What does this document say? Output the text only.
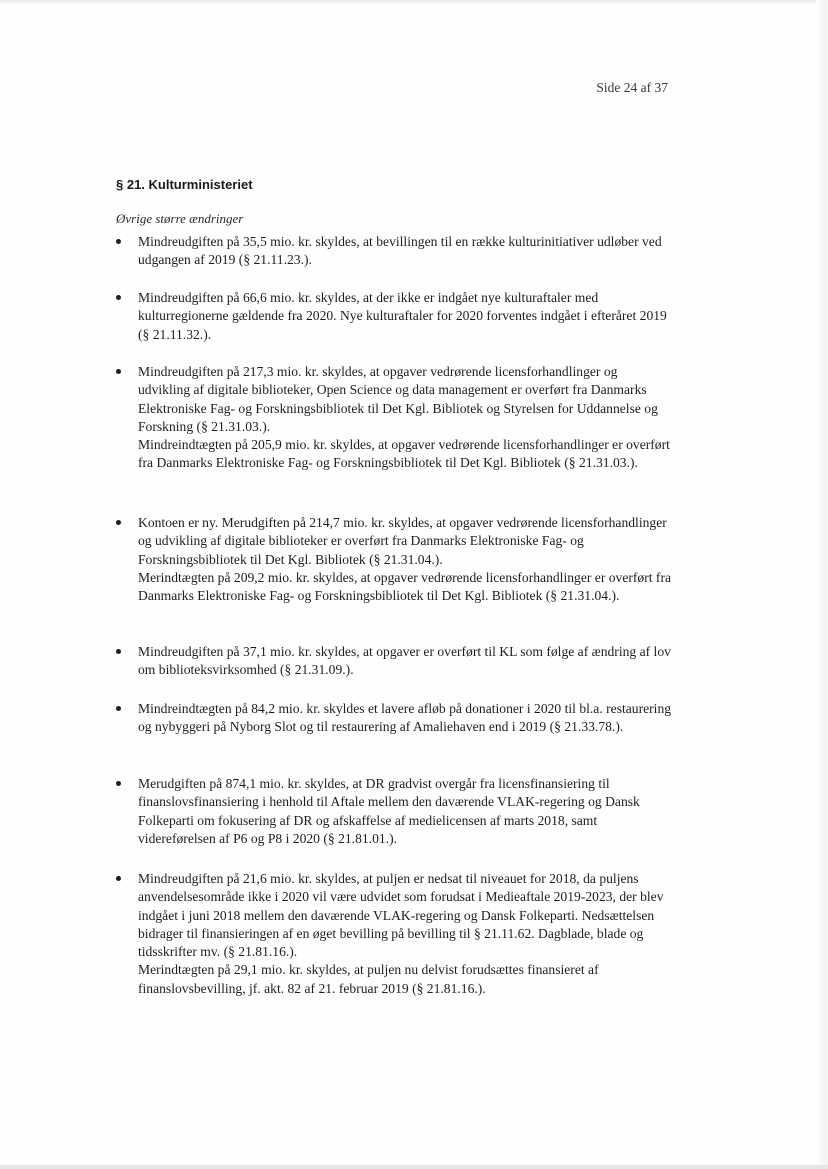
Side 24 af 37
§ 21. Kulturministeriet
Øvrige større ændringer

Mindreudgiften på 35,5 mio. kr. skyldes, at bevillingen til en række kulturinitiativer udløber ved udgangen af 2019 (§ 21.11.23.).

Mindreudgiften på 66,6 mio. kr. skyldes, at der ikke er indgået nye kulturaftaler med kulturregionerne gældende fra 2020. Nye kulturaftaler for 2020 forventes indgået i efteråret 2019 (§ 21.11.32.).

Mindreudgiften på 217,3 mio. kr. skyldes, at opgaver vedrørende licensforhandlinger og udvikling af digitale biblioteker, Open Science og data management er overført fra Danmarks Elektroniske Fag- og Forskningsbibliotek til Det Kgl. Bibliotek og Styrelsen for Uddannelse og Forskning (§ 21.31.03.).

Mindreindtægten på 205,9 mio. kr. skyldes, at opgaver vedrørende licensforhandlinger er overført fra Danmarks Elektroniske Fag- og Forskningsbibliotek til Det Kgl. Bibliotek (§ 21.31.03.).

Kontoen er ny. Merudgiften på 214,7 mio. kr. skyldes, at opgaver vedrørende licensforhandlinger og udvikling af digitale biblioteker er overført fra Danmarks Elektroniske Fag- og Forskningsbibliotek til Det Kgl. Bibliotek (§ 21.31.04.).

Merindtægten på 209,2 mio. kr. skyldes, at opgaver vedrørende licensforhandlinger er overført fra Danmarks Elektroniske Fag- og Forskningsbibliotek til Det Kgl. Bibliotek (§ 21.31.04.).

Mindreudgiften på 37,1 mio. kr. skyldes, at opgaver er overført til KL som følge af ændring af lov om biblioteksvirksomhed (§ 21.31.09.).

Mindreindtægten på 84,2 mio. kr. skyldes et lavere afløb på donationer i 2020 til bl.a. restaurering og nybyggeri på Nyborg Slot og til restaurering af Amaliehaven end i 2019 (§ 21.33.78.).

Merudgiften på 874,1 mio. kr. skyldes, at DR gradvist overgår fra licensfinansiering til finanslovsfinansiering i henhold til Aftale mellem den daværende VLAK-regering og Dansk Folkeparti om fokusering af DR og afskaffelse af medielicensen af marts 2018, samt videreførelsen af P6 og P8 i 2020 (§ 21.81.01.).

Mindreudgiften på 21,6 mio. kr. skyldes, at puljen er nedsat til niveauet for 2018, da puljens anvendelsesområde ikke i 2020 vil være udvidet som forudsat i Medieaftale 2019-2023, der blev indgået i juni 2018 mellem den daværende VLAK-regering og Dansk Folkeparti. Nedsættelsen bidrager til finansieringen af en øget bevilling på bevilling til § 21.11.62. Dagblade, blade og tidsskrifter mv. (§ 21.81.16.).

Merindtægten på 29,1 mio. kr. skyldes, at puljen nu delvist forudsættes finansieret af finanslovsbevilling, jf. akt. 82 af 21. februar 2019 (§ 21.81.16.).
